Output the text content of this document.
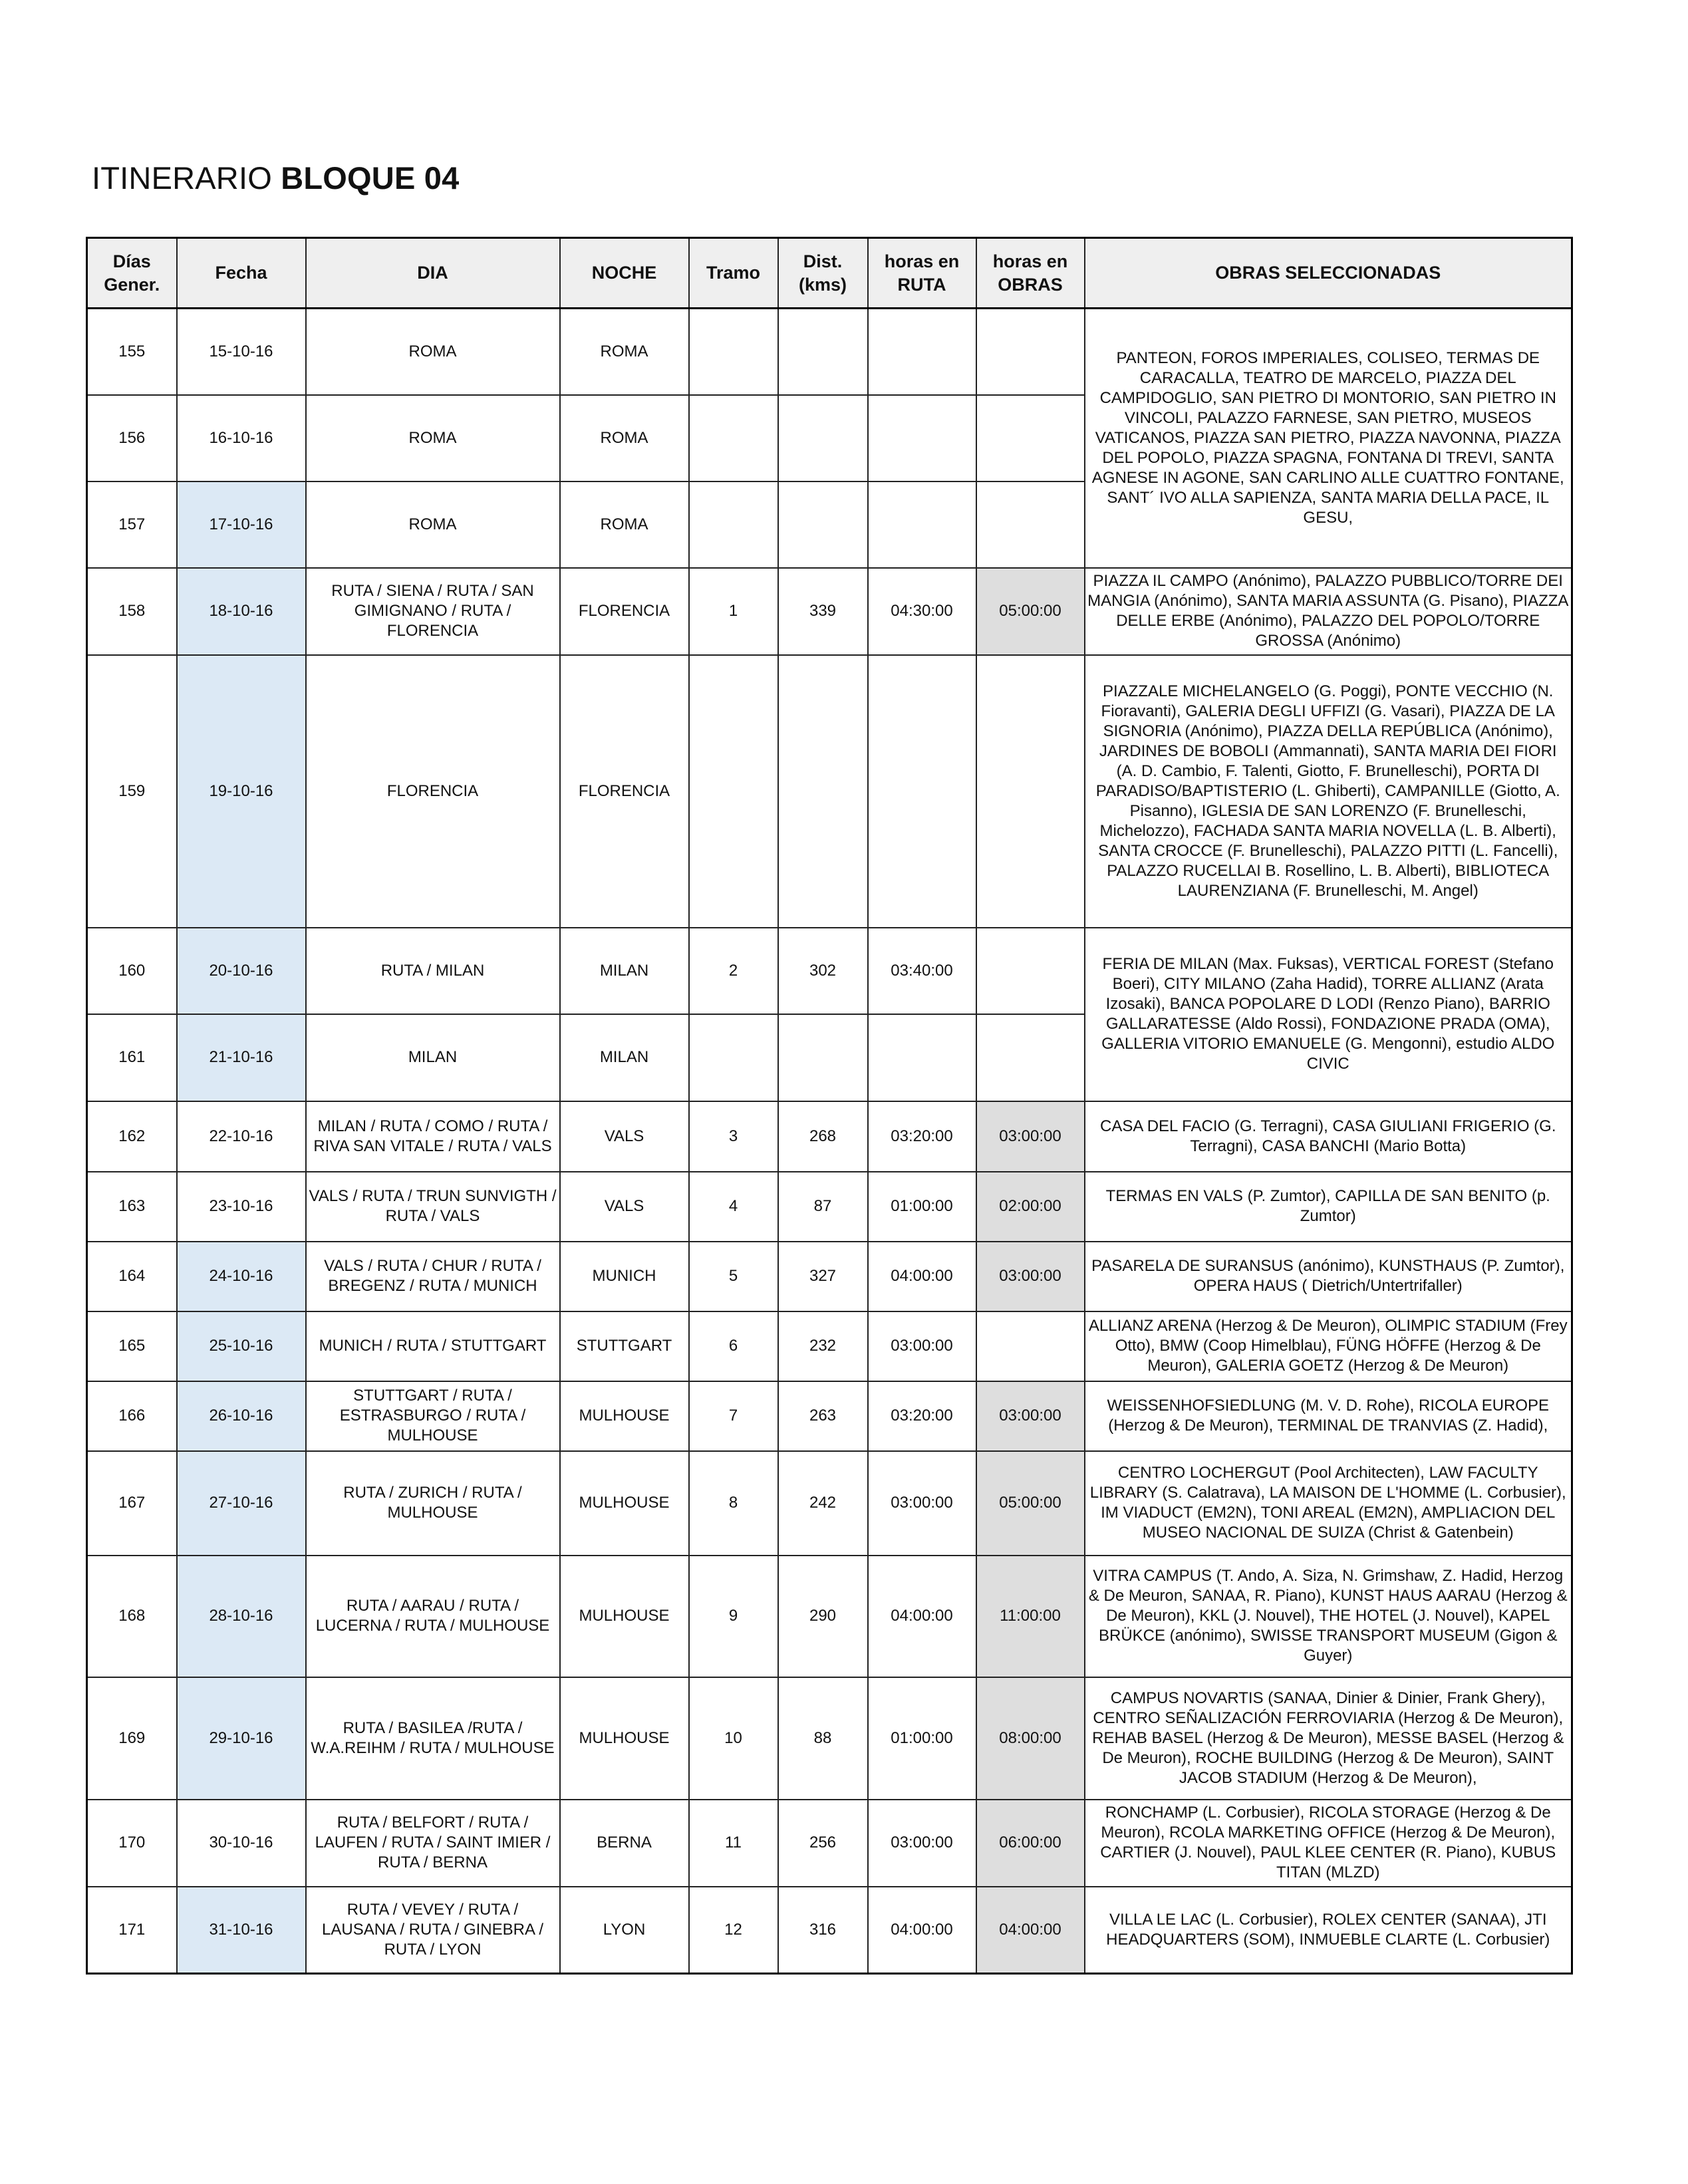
ITINERARIO BLOQUE 04
Días Gener.	Fecha	DIA	NOCHE	Tramo	Dist. (kms)	horas en RUTA	horas en OBRAS	OBRAS SELECCIONADAS
155	15-10-16	ROMA	ROMA					PANTEON, FOROS IMPERIALES, COLISEO, TERMAS DE CARACALLA, TEATRO DE MARCELO, PIAZZA DEL CAMPIDOGLIO, SAN PIETRO DI MONTORIO, SAN PIETRO IN VINCOLI, PALAZZO FARNESE, SAN PIETRO, MUSEOS VATICANOS, PIAZZA SAN PIETRO, PIAZZA NAVONNA, PIAZZA DEL POPOLO, PIAZZA SPAGNA, FONTANA DI TREVI, SANTA AGNESE IN AGONE, SAN CARLINO ALLE CUATTRO FONTANE, SANT´ IVO ALLA SAPIENZA, SANTA MARIA DELLA PACE, IL GESU,
156	16-10-16	ROMA	ROMA					
157	17-10-16	ROMA	ROMA					
158	18-10-16	RUTA / SIENA / RUTA / SAN GIMIGNANO / RUTA / FLORENCIA	FLORENCIA	1	339	04:30:00	05:00:00	PIAZZA IL CAMPO (Anónimo), PALAZZO PUBBLICO/TORRE DEI MANGIA (Anónimo), SANTA MARIA ASSUNTA (G. Pisano), PIAZZA DELLE ERBE (Anónimo), PALAZZO DEL POPOLO/TORRE GROSSA (Anónimo)
159	19-10-16	FLORENCIA	FLORENCIA					PIAZZALE MICHELANGELO (G. Poggi), PONTE VECCHIO (N. Fioravanti), GALERIA DEGLI UFFIZI (G. Vasari), PIAZZA DE LA SIGNORIA (Anónimo), PIAZZA DELLA REPÚBLICA (Anónimo), JARDINES DE BOBOLI (Ammannati), SANTA MARIA DEI FIORI (A. D. Cambio, F. Talenti, Giotto, F. Brunelleschi), PORTA DI PARADISO/BAPTISTERIO (L. Ghiberti), CAMPANILLE (Giotto, A. Pisanno), IGLESIA DE SAN LORENZO (F. Brunelleschi, Michelozzo), FACHADA SANTA MARIA NOVELLA (L. B. Alberti), SANTA CROCCE (F. Brunelleschi), PALAZZO PITTI (L. Fancelli), PALAZZO RUCELLAI B. Rosellino, L. B. Alberti), BIBLIOTECA LAURENZIANA (F. Brunelleschi, M. Angel)
160	20-10-16	RUTA / MILAN	MILAN	2	302	03:40:00		FERIA DE MILAN (Max. Fuksas), VERTICAL FOREST (Stefano Boeri), CITY MILANO (Zaha Hadid), TORRE ALLIANZ (Arata Izosaki), BANCA POPOLARE D LODI (Renzo Piano), BARRIO GALLARATESSE (Aldo Rossi), FONDAZIONE PRADA (OMA), GALLERIA VITORIO EMANUELE (G. Mengonni), estudio ALDO CIVIC
161	21-10-16	MILAN	MILAN					
162	22-10-16	MILAN / RUTA / COMO / RUTA / RIVA SAN VITALE / RUTA / VALS	VALS	3	268	03:20:00	03:00:00	CASA DEL FACIO (G. Terragni), CASA GIULIANI FRIGERIO (G. Terragni), CASA BANCHI (Mario Botta)
163	23-10-16	VALS / RUTA / TRUN SUNVIGTH / RUTA / VALS	VALS	4	87	01:00:00	02:00:00	TERMAS EN VALS (P. Zumtor), CAPILLA DE SAN BENITO (p. Zumtor)
164	24-10-16	VALS / RUTA / CHUR / RUTA / BREGENZ / RUTA / MUNICH	MUNICH	5	327	04:00:00	03:00:00	PASARELA DE SURANSUS (anónimo), KUNSTHAUS (P. Zumtor), OPERA HAUS ( Dietrich/Untertrifaller)
165	25-10-16	MUNICH / RUTA / STUTTGART	STUTTGART	6	232	03:00:00		ALLIANZ ARENA (Herzog & De Meuron), OLIMPIC STADIUM (Frey Otto), BMW (Coop Himelblau), FÜNG HÖFFE (Herzog & De Meuron), GALERIA GOETZ (Herzog & De Meuron)
166	26-10-16	STUTTGART / RUTA / ESTRASBURGO / RUTA / MULHOUSE	MULHOUSE	7	263	03:20:00	03:00:00	WEISSENHOFSIEDLUNG (M. V. D. Rohe), RICOLA EUROPE (Herzog & De Meuron), TERMINAL DE TRANVIAS (Z. Hadid),
167	27-10-16	RUTA / ZURICH / RUTA / MULHOUSE	MULHOUSE	8	242	03:00:00	05:00:00	CENTRO LOCHERGUT (Pool Architecten), LAW FACULTY LIBRARY (S. Calatrava), LA MAISON DE L'HOMME (L. Corbusier), IM VIADUCT (EM2N), TONI AREAL (EM2N), AMPLIACION DEL MUSEO NACIONAL DE SUIZA (Christ & Gatenbein)
168	28-10-16	RUTA / AARAU / RUTA / LUCERNA / RUTA / MULHOUSE	MULHOUSE	9	290	04:00:00	11:00:00	VITRA CAMPUS (T. Ando, A. Siza, N. Grimshaw, Z. Hadid, Herzog & De Meuron, SANAA, R. Piano), KUNST HAUS AARAU (Herzog & De Meuron), KKL (J. Nouvel), THE HOTEL (J. Nouvel), KAPEL BRÜKCE (anónimo), SWISSE TRANSPORT MUSEUM (Gigon & Guyer)
169	29-10-16	RUTA / BASILEA /RUTA / W.A.REIHM / RUTA / MULHOUSE	MULHOUSE	10	88	01:00:00	08:00:00	CAMPUS NOVARTIS (SANAA, Dinier & Dinier, Frank Ghery), CENTRO SEÑALIZACIÓN FERROVIARIA (Herzog & De Meuron), REHAB BASEL (Herzog & De Meuron), MESSE BASEL (Herzog & De Meuron), ROCHE BUILDING (Herzog & De Meuron), SAINT JACOB STADIUM (Herzog & De Meuron),
170	30-10-16	RUTA / BELFORT / RUTA / LAUFEN / RUTA / SAINT IMIER / RUTA / BERNA	BERNA	11	256	03:00:00	06:00:00	RONCHAMP (L. Corbusier), RICOLA STORAGE (Herzog & De Meuron), RCOLA MARKETING OFFICE (Herzog & De Meuron), CARTIER (J. Nouvel), PAUL KLEE CENTER (R. Piano), KUBUS TITAN (MLZD)
171	31-10-16	RUTA / VEVEY / RUTA / LAUSANA / RUTA / GINEBRA / RUTA / LYON	LYON	12	316	04:00:00	04:00:00	VILLA LE LAC (L. Corbusier), ROLEX CENTER (SANAA), JTI HEADQUARTERS (SOM), INMUEBLE CLARTE (L. Corbusier)
